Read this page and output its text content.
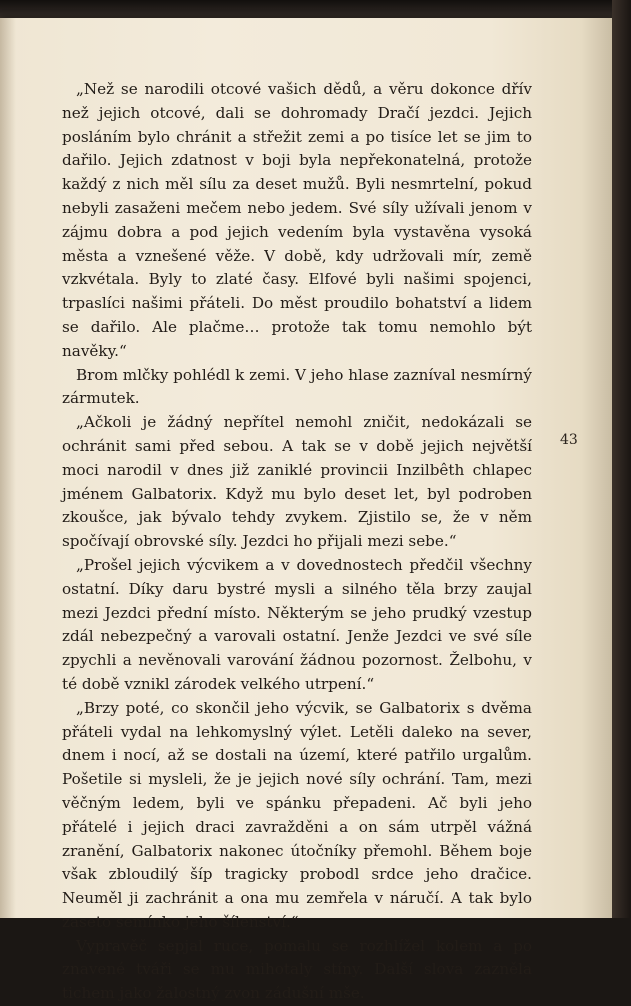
„Než se narodili otcové vašich dědů, a věru dokonce dřív než jejich otcové, dali se dohromady Dračí jezdci. Jejich posláním bylo chránit a střežit zemi a po tisíce let se jim to dařilo. Jejich zdatnost v boji byla nepřekonatelná, protože každý z nich měl sílu za deset mužů. Byli nesmrtelní, pokud nebyli zasaženi mečem nebo jedem. Své síly užívali jenom v zájmu dobra a pod jejich vedením byla vystavěna vysoká města a vznešené věže. V době, kdy udržovali mír, země vzkvétala. Byly to zlaté časy. Elfové byli našimi spojenci, trpaslíci našimi přáteli. Do měst proudilo bohatství a lidem se dařilo. Ale plačme… protože tak tomu nemohlo být navěky.“

Brom mlčky pohlédl k zemi. V jeho hlase zazníval nesmírný zármutek.

„Ačkoli je žádný nepřítel nemohl zničit, nedokázali se ochránit sami před sebou. A tak se v době jejich největší moci narodil v dnes již zaniklé provincii Inzilbêth chlapec jménem Galbatorix. Když mu bylo deset let, byl podroben zkoušce, jak bývalo tehdy zvykem. Zjistilo se, že v něm spočívají obrovské síly. Jezdci ho přijali mezi sebe.“

„Prošel jejich výcvikem a v dovednostech předčil všechny ostatní. Díky daru bystré mysli a silného těla brzy zaujal mezi Jezdci přední místo. Některým se jeho prudký vzestup zdál nebezpečný a varovali ostatní. Jenže Jezdci ve své síle zpychli a nevěnovali varování žádnou pozornost. Želbohu, v té době vznikl zárodek velkého utrpení.“

„Brzy poté, co skončil jeho výcvik, se Galbatorix s dvěma přáteli vydal na lehkomyslný výlet. Letěli daleko na sever, dnem i nocí, až se dostali na území, které patřilo urgalům. Pošetile si mysleli, že je jejich nové síly ochrání. Tam, mezi věčným ledem, byli ve spánku přepadeni. Ač byli jeho přátelé i jejich draci zavražděni a on sám utrpěl vážná zranění, Galbatorix nakonec útočníky přemohl. Během boje však zbloudilý šíp tragicky probodl srdce jeho dračice. Neuměl ji zachránit a ona mu zemřela v náručí. A tak bylo zaseto semínko jeho šílenství.“

Vypravěč sepjal ruce, pomalu se rozhlížel kolem a po znavené tváři se mu mihotaly stíny. Další slova zazněla tichem jako žalostný zvon zádušní mše.

43
